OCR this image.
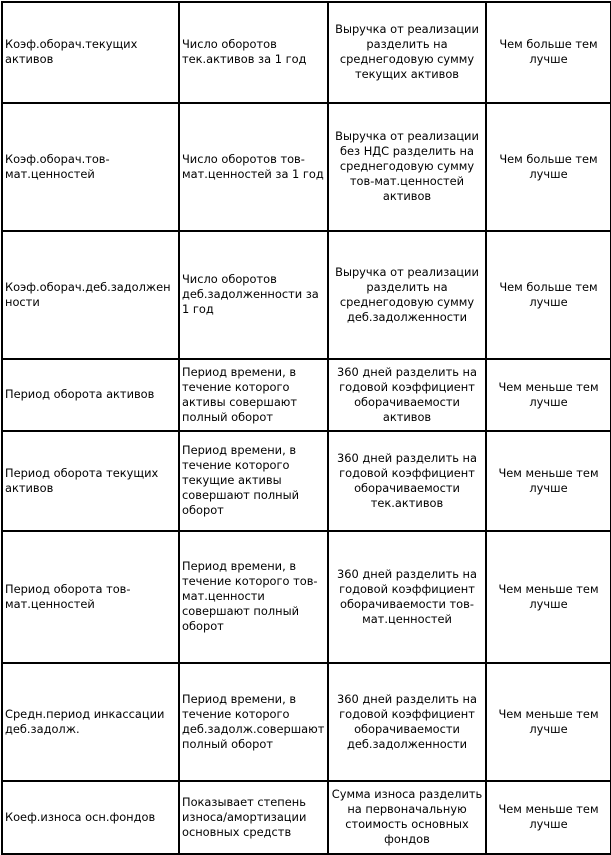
Коэф.оборач.текущих активов	Число оборотов тек.активов за 1 год	Выручка от реализации разделить на среднегодовую сумму текущих активов	Чем больше тем лучше
Коэф.оборач.тов-мат.ценностей	Число оборотов тов-мат.ценностей за 1 год	Выручка от реализации без НДС разделить на среднегодовую сумму тов-мат.ценностей активов	Чем больше тем лучше
Коэф.оборач.деб.задолженности	Число оборотов деб.задолженности за 1 год	Выручка от реализации разделить на среднегодовую сумму деб.задолженности	Чем больше тем лучше
Период оборота активов	Период времени, в течение которого активы совершают полный оборот	360 дней разделить на годовой коэффициент оборачиваемости активов	Чем меньше тем лучше
Период оборота текущих активов	Период времени, в течение которого текущие активы совершают полный оборот	360 дней разделить на годовой коэффициент оборачиваемости тек.активов	Чем меньше тем лучше
Период оборота тов-мат.ценностей	Период времени, в течение которого тов-мат.ценности совершают полный оборот	360 дней разделить на годовой коэффициент оборачиваемости тов-мат.ценностей	Чем меньше тем лучше
Средн.период инкассации деб.задолж.	Период времени, в течение которого деб.задолж.совершают полный оборот	360 дней разделить на годовой коэффициент оборачиваемости деб.задолженности	Чем меньше тем лучше
Коеф.износа осн.фондов	Показывает степень износа/амортизации основных средств	Сумма износа разделить на первоначальную стоимость основных фондов	Чем меньше тем лучше
